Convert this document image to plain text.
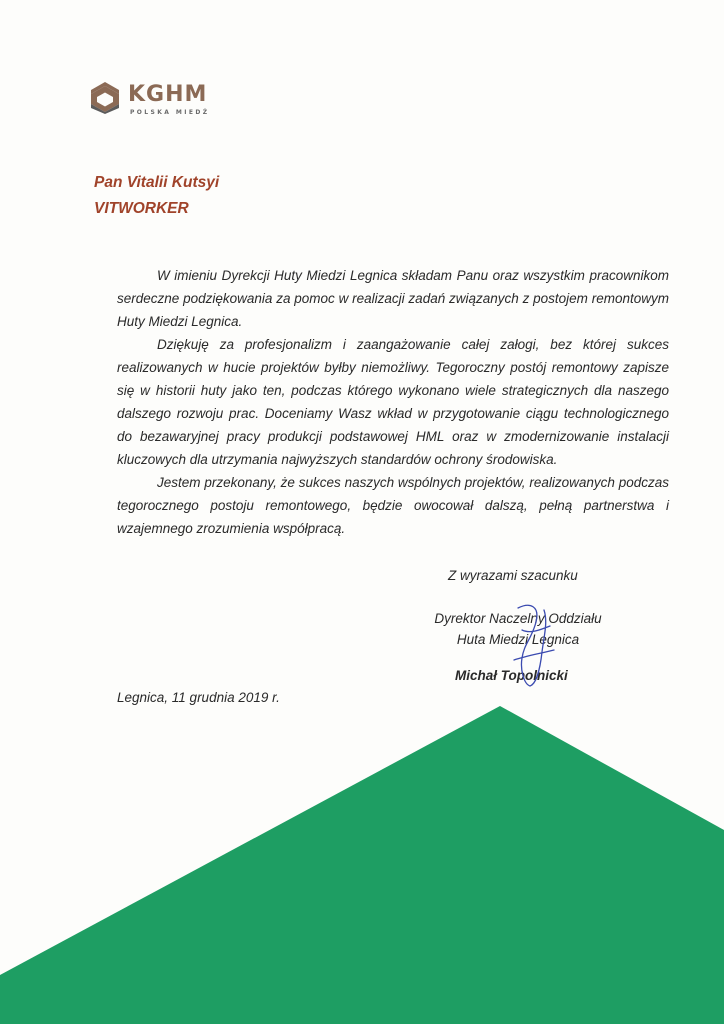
KGHM
POLSKA MIEDŹ
Pan Vitalii Kutsyi
VITWORKER

W imieniu Dyrekcji Huty Miedzi Legnica składam Panu oraz wszystkim pracownikom serdeczne podziękowania za pomoc w realizacji zadań związanych z postojem remontowym Huty Miedzi Legnica.

Dziękuję za profesjonalizm i zaangażowanie całej załogi, bez której sukces realizowanych w hucie projektów byłby niemożliwy. Tegoroczny postój remontowy zapisze się w historii huty jako ten, podczas którego wykonano wiele strategicznych dla naszego dalszego rozwoju prac. Doceniamy Wasz wkład w przygotowanie ciągu technologicznego do bezawaryjnej pracy produkcji podstawowej HML oraz w zmodernizowanie instalacji kluczowych dla utrzymania najwyższych standardów ochrony środowiska.

Jestem przekonany, że sukces naszych wspólnych projektów, realizowanych podczas tegorocznego postoju remontowego, będzie owocował dalszą, pełną partnerstwa i wzajemnego zrozumienia współpracą.

Z wyrazami szacunku
Dyrektor Naczelny Oddziału
Huta Miedzi Legnica
Michał Topolnicki
Legnica, 11 grudnia 2019 r.
